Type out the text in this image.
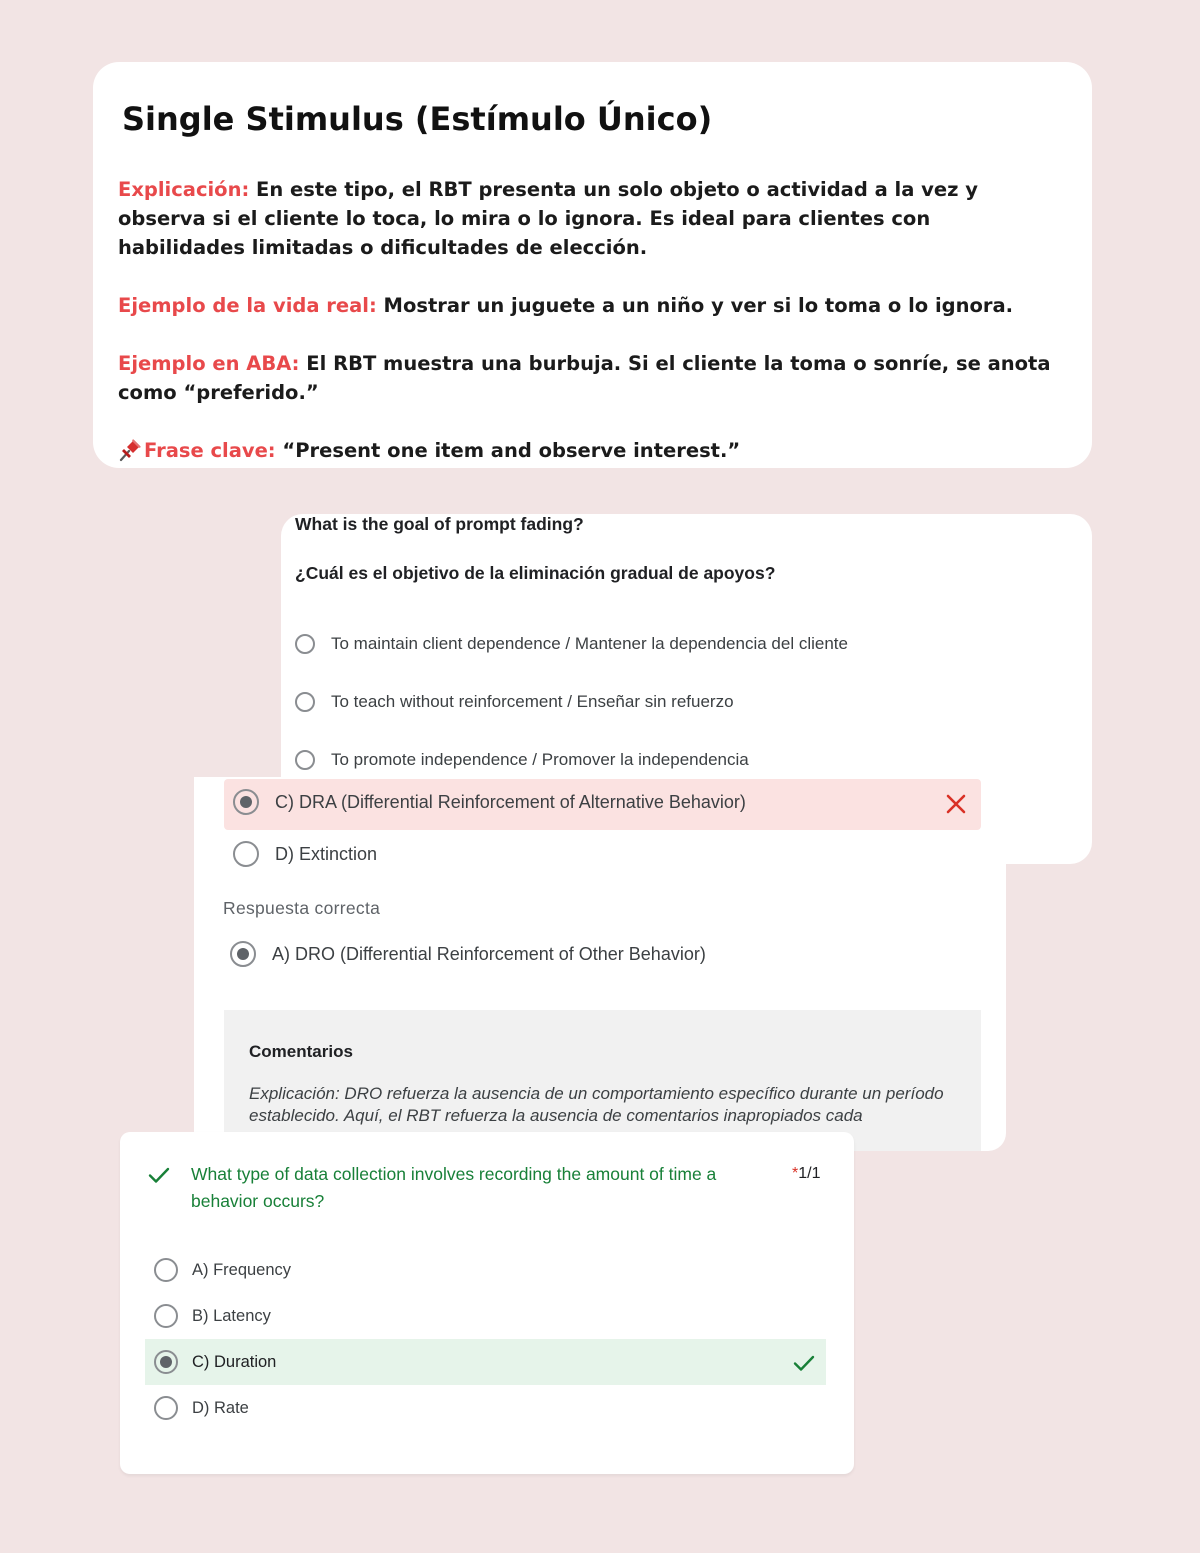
Single Stimulus (Estímulo Único)
Explicación: En este tipo, el RBT presenta un solo objeto o actividad a la vez y observa si el cliente lo toca, lo mira o lo ignora. Es ideal para clientes con habilidades limitadas o dificultades de elección.
Ejemplo de la vida real: Mostrar un juguete a un niño y ver si lo toma o lo ignora.
Ejemplo en ABA: El RBT muestra una burbuja. Si el cliente la toma o sonríe, se anota como “preferido.”
Frase clave: “Present one item and observe interest.”
What is the goal of prompt fading?
¿Cuál es el objetivo de la eliminación gradual de apoyos?
To maintain client dependence / Mantener la dependencia del cliente
To teach without reinforcement / Enseñar sin refuerzo
To promote independence / Promover la independencia
C) DRA (Differential Reinforcement of Alternative Behavior)
D) Extinction
Respuesta correcta
A) DRO (Differential Reinforcement of Other Behavior)
Comentarios
Explicación: DRO refuerza la ausencia de un comportamiento específico durante un período establecido. Aquí, el RBT refuerza la ausencia de comentarios inapropiados cada
What type of data collection involves recording the amount of time a
behavior occurs?
*1/1
A) Frequency
B) Latency
C) Duration
D) Rate
